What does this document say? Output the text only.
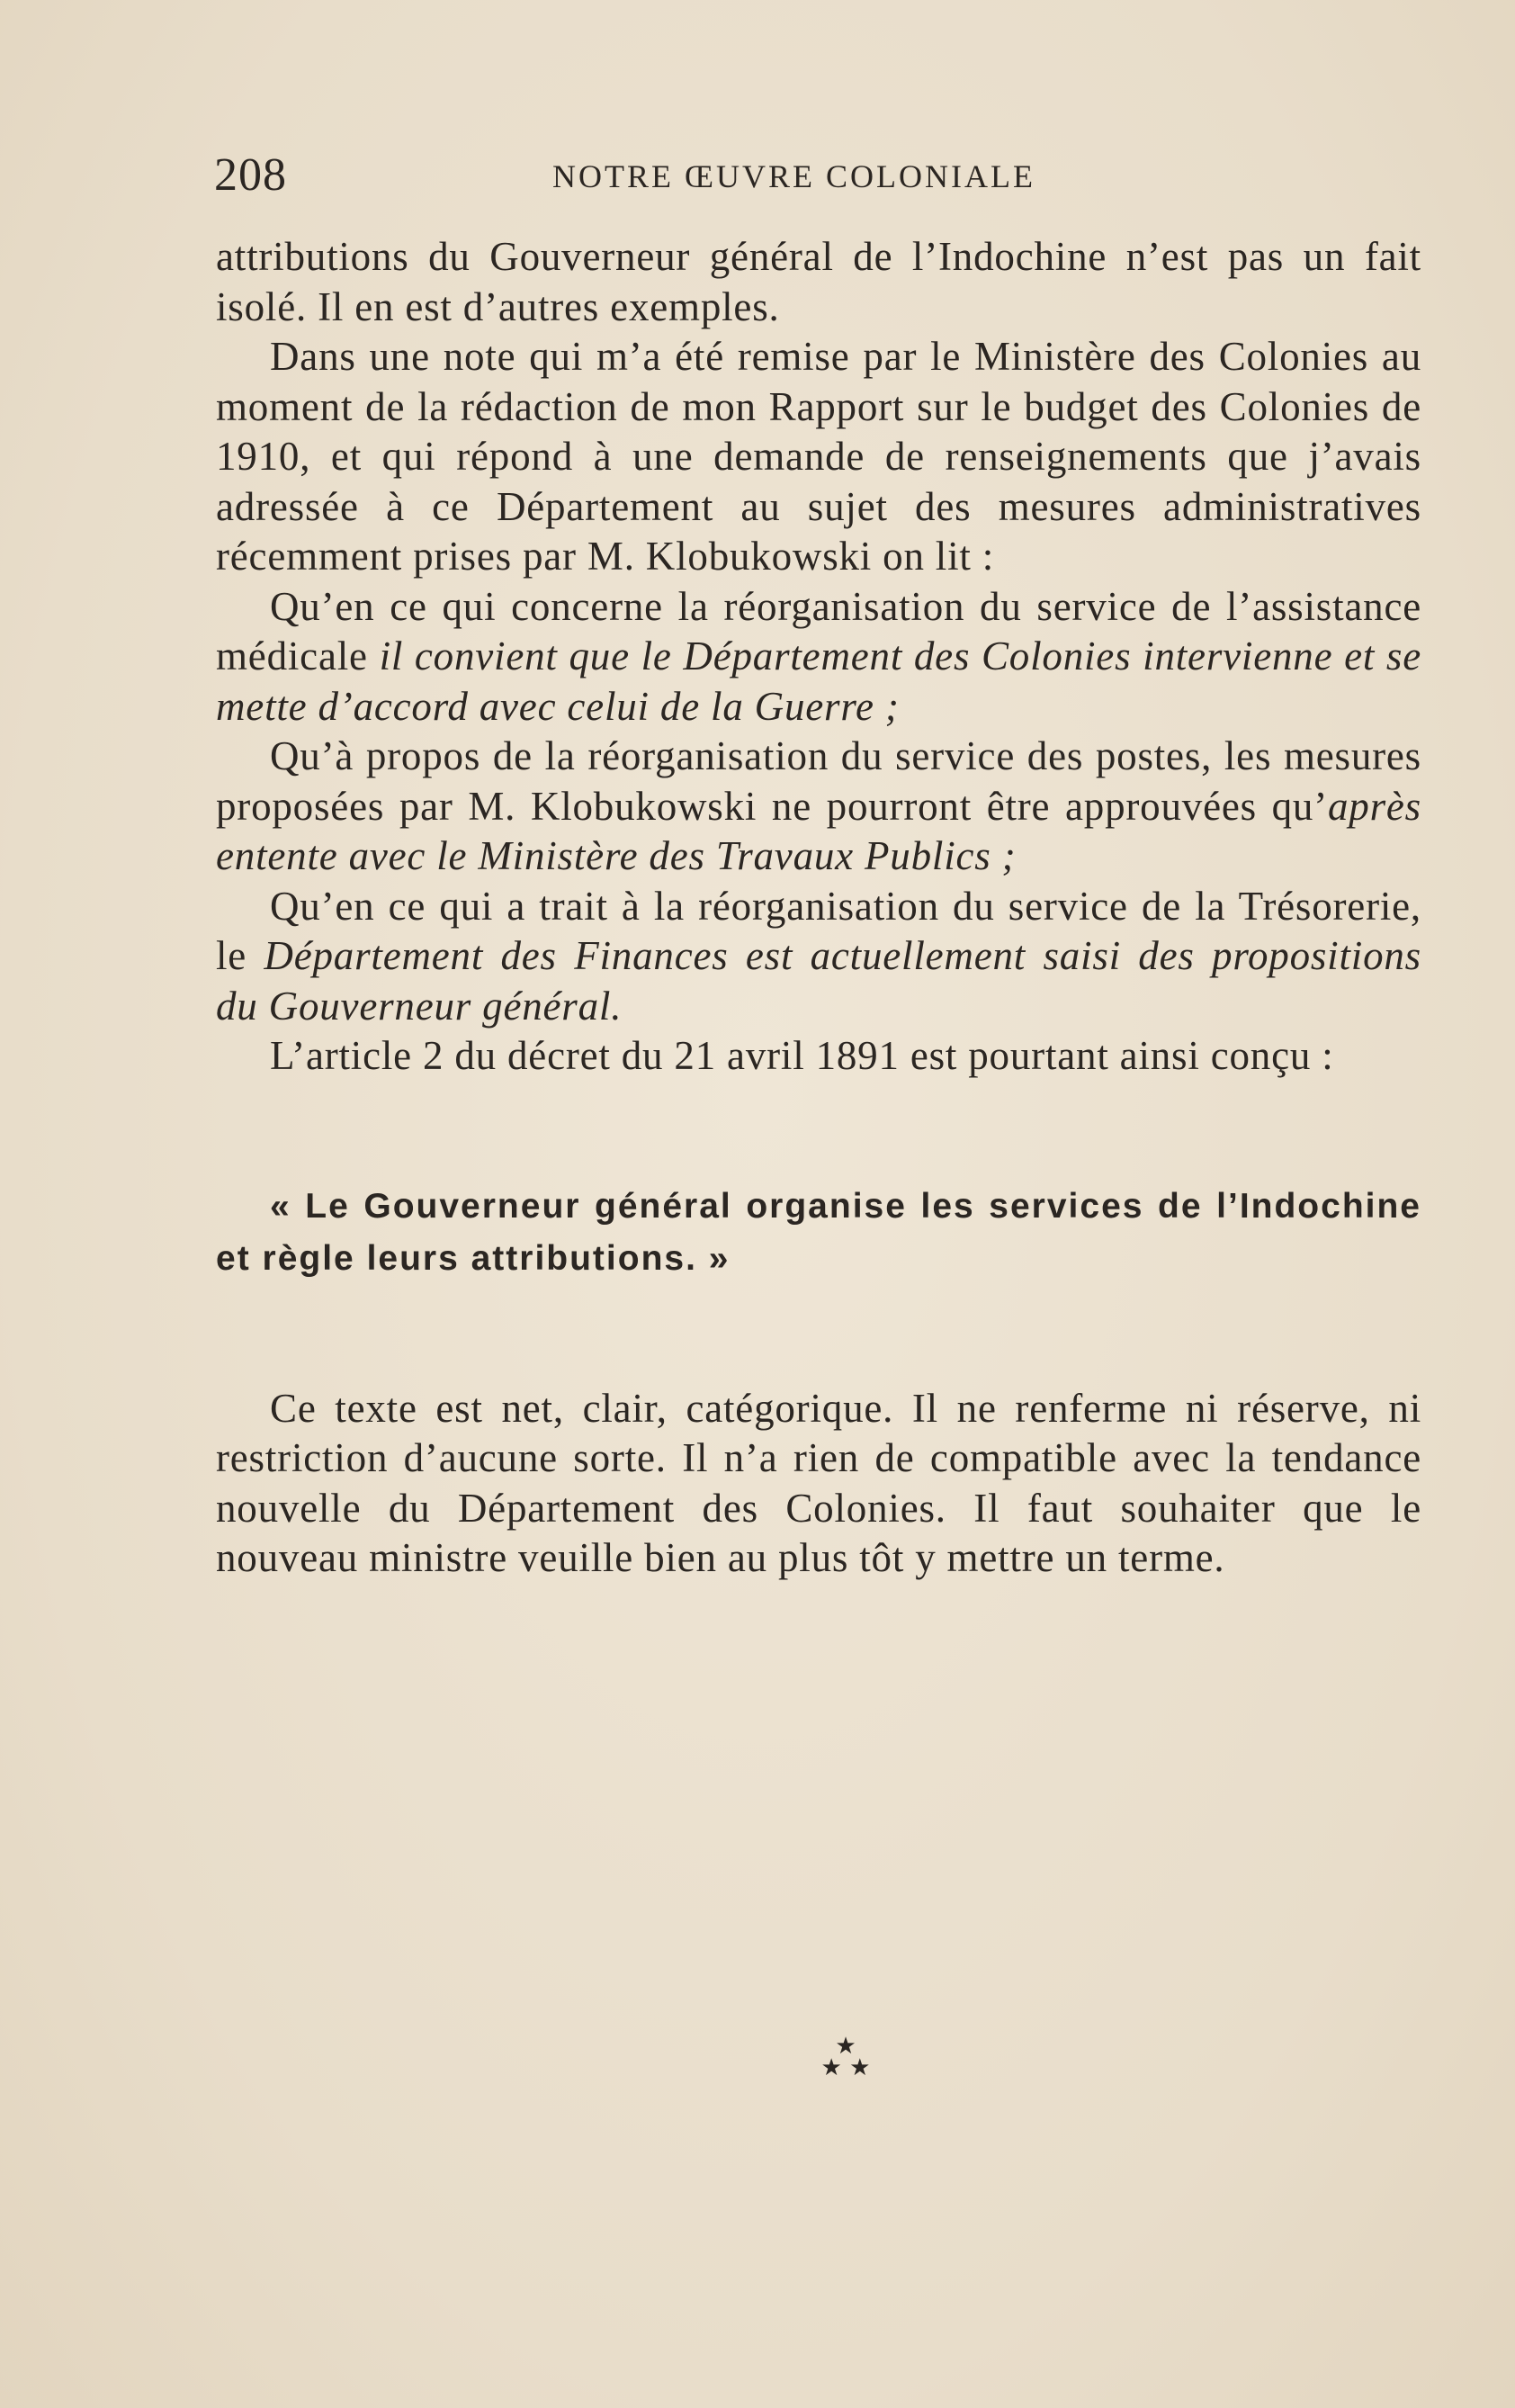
208	NOTRE ŒUVRE COLONIALE

attributions du Gouverneur général de l’Indochine n’est pas un fait isolé. Il en est d’autres exemples.

Dans une note qui m’a été remise par le Ministère des Colonies au moment de la rédaction de mon Rapport sur le budget des Colonies de 1910, et qui répond à une demande de renseignements que j’avais adressée à ce Département au sujet des mesures administratives récemment prises par M. Klobukowski on lit :

Qu’en ce qui concerne la réorganisation du service de l’assistance médicale il convient que le Département des Colonies intervienne et se mette d’accord avec celui de la Guerre ;

Qu’à propos de la réorganisation du service des postes, les mesures proposées par M. Klobukowski ne pourront être approuvées qu’après entente avec le Ministère des Travaux Publics ;

Qu’en ce qui a trait à la réorganisation du service de la Trésorerie, le Département des Finances est actuellement saisi des propositions du Gouverneur général.

L’article 2 du décret du 21 avril 1891 est pourtant ainsi conçu :

« Le Gouverneur général organise les services de l’Indochine et règle leurs attributions. »

Ce texte est net, clair, catégorique. Il ne renferme ni réserve, ni restriction d’aucune sorte. Il n’a rien de compatible avec la tendance nouvelle du Département des Colonies. Il faut souhaiter que le nouveau ministre veuille bien au plus tôt y mettre un terme.

★
★ ★
